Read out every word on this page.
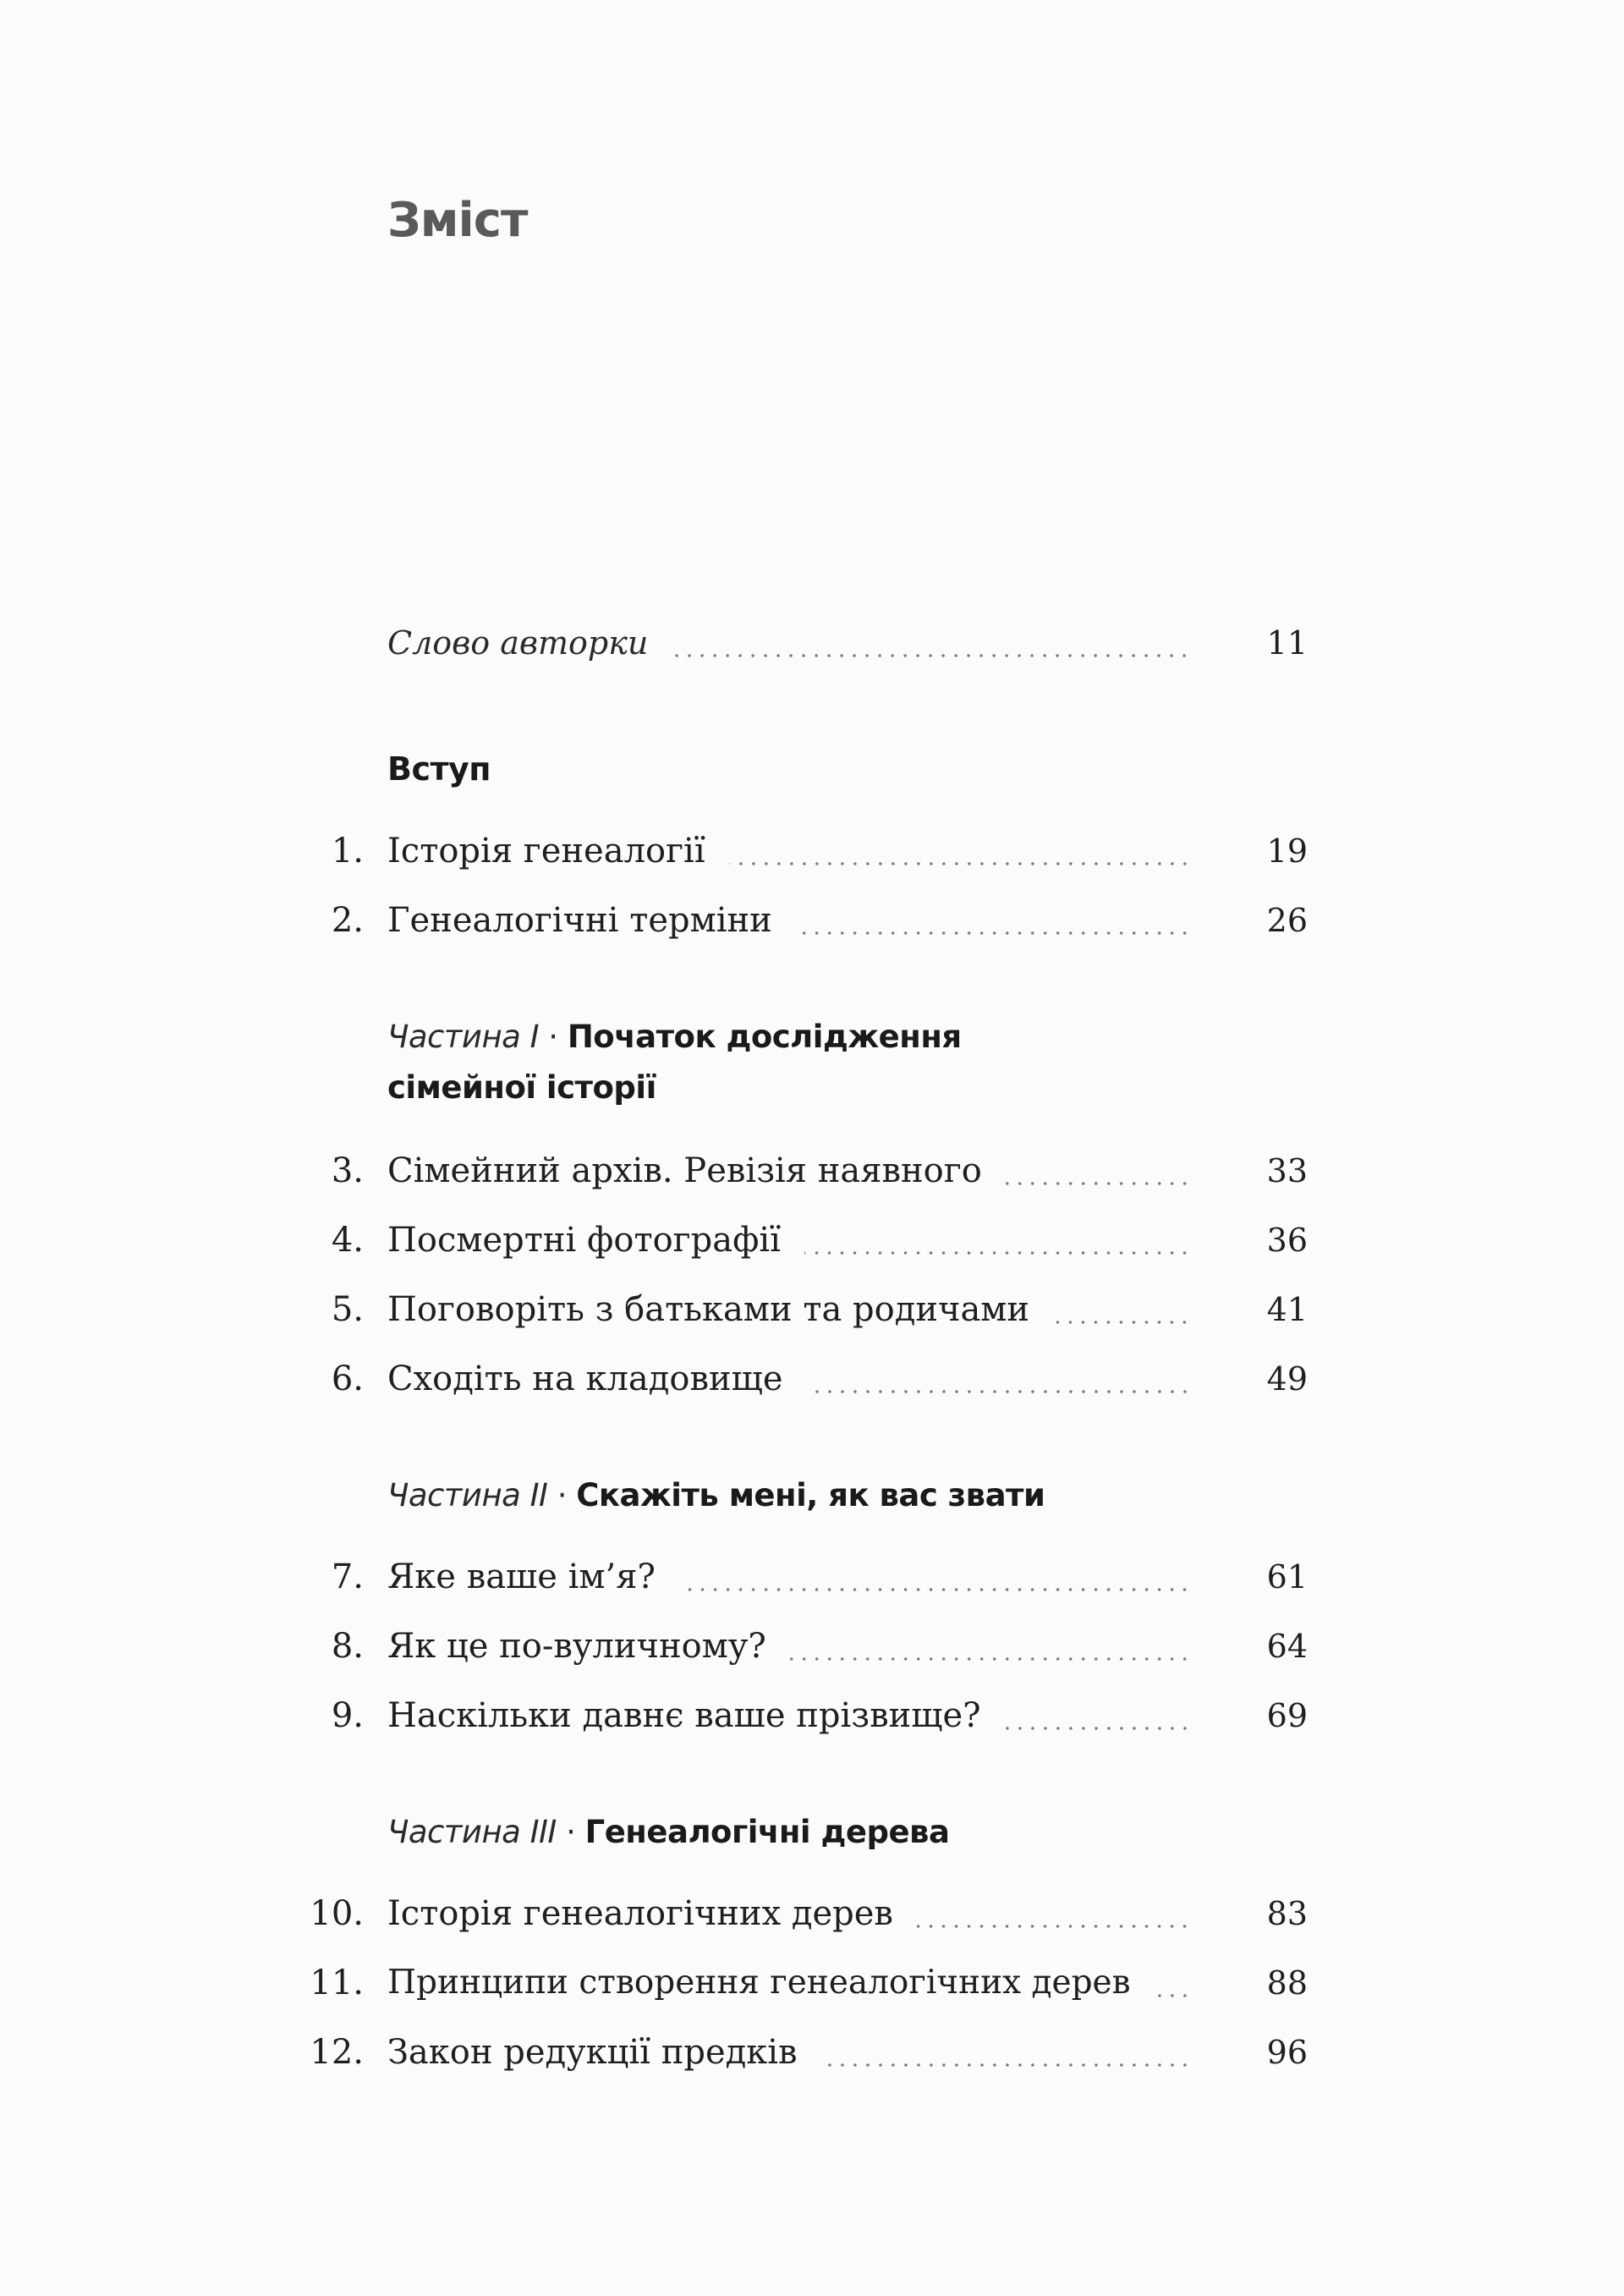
Зміст
Слово авторки	11
Вступ
1. Історія генеалогії	19
2. Генеалогічні терміни	26
Частина I · Початок дослідження
сімейної історії
3. Сімейний архів. Ревізія наявного	33
4. Посмертні фотографії	36
5. Поговоріть з батьками та родичами	41
6. Сходіть на кладовище	49
Частина II · Скажіть мені, як вас звати
7. Яке ваше ім’я?	61
8. Як це по-вуличному?	64
9. Наскільки давнє ваше прізвище?	69
Частина III · Генеалогічні дерева
10. Історія генеалогічних дерев	83
11. Принципи створення генеалогічних дерев	88
12. Закон редукції предків	96
